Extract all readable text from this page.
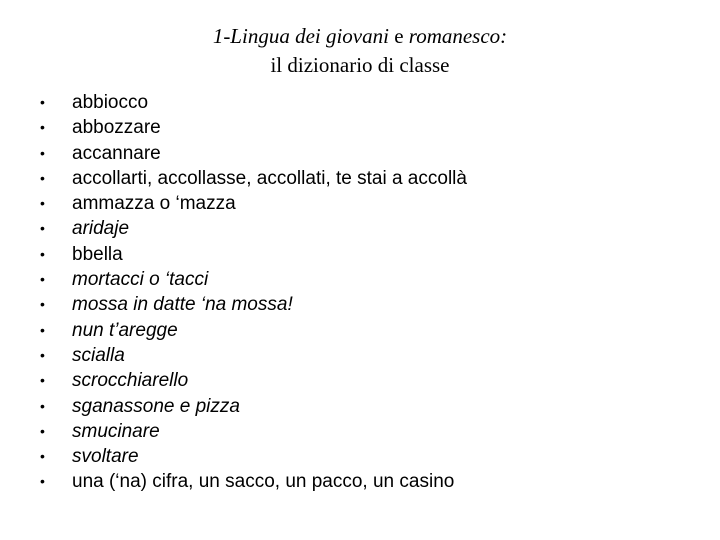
1-Lingua dei giovani e romanesco:
il dizionario di classe
• abbiocco
• abbozzare
• accannare
• accollarti, accollasse, accollati, te stai a accollà
• ammazza o ‘mazza
• aridaje
• bbella
• mortacci o ‘tacci
• mossa in datte ‘na mossa!
• nun t’aregge
• scialla
• scrocchiarello
• sganassone e pizza
• smucinare
• svoltare
• una (‘na) cifra, un sacco, un pacco, un casino
